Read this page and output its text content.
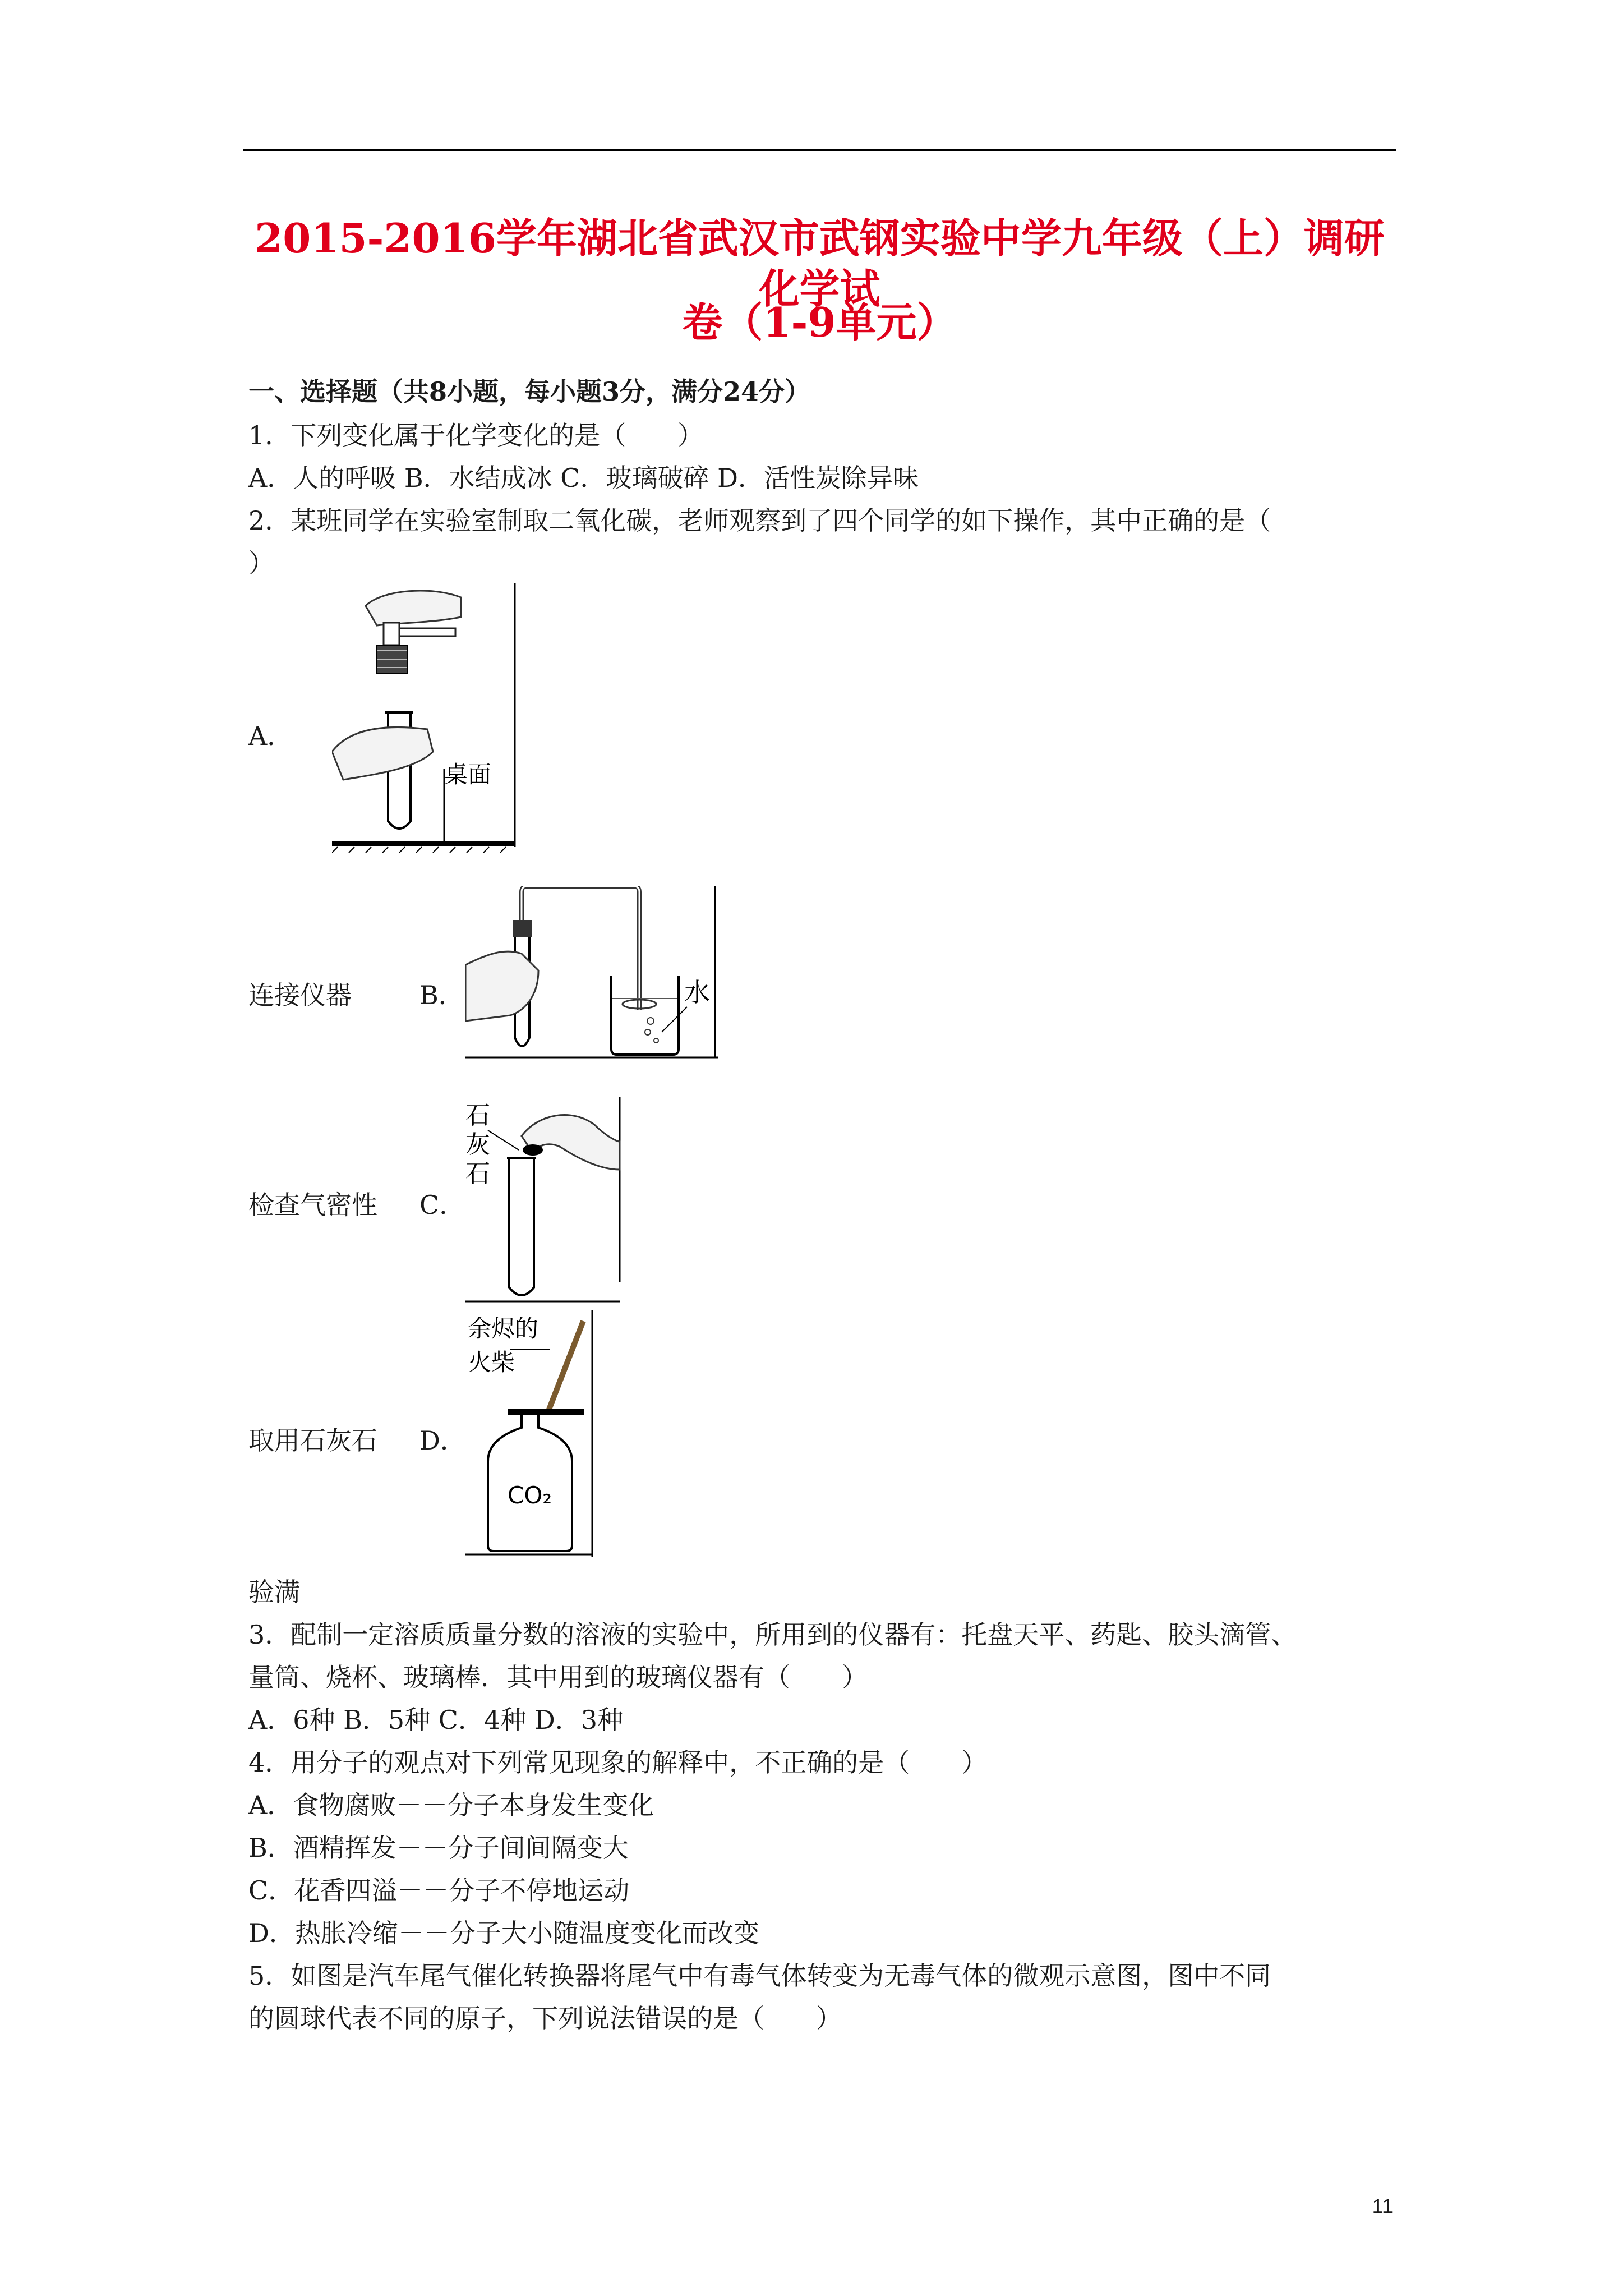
2015-2016学年湖北省武汉市武钢实验中学九年级（上）调研化学试
卷（1-9单元）
一、选择题（共8小题，每小题3分，满分24分）
1．下列变化属于化学变化的是（　　）
A．人的呼吸 B．水结成冰 C．玻璃破碎 D．活性炭除异味
2．某班同学在实验室制取二氧化碳，老师观察到了四个同学的如下操作，其中正确的是（
）
A．
桌面
连接仪器	B．	水
检查气密性 C．
石
灰
石
取用石灰石 D．
余烬的
火柴
CO₂
验满
3．配制一定溶质质量分数的溶液的实验中，所用到的仪器有：托盘天平、药匙、胶头滴管、
量筒、烧杯、玻璃棒．其中用到的玻璃仪器有（　　）
A．6种 B．5种 C．4种 D．3种
4．用分子的观点对下列常见现象的解释中，不正确的是（　　）
A．食物腐败－－分子本身发生变化
B．酒精挥发－－分子间间隔变大
C．花香四溢－－分子不停地运动
D．热胀冷缩－－分子大小随温度变化而改变
5．如图是汽车尾气催化转换器将尾气中有毒气体转变为无毒气体的微观示意图，图中不同
的圆球代表不同的原子，下列说法错误的是（　　）
11
